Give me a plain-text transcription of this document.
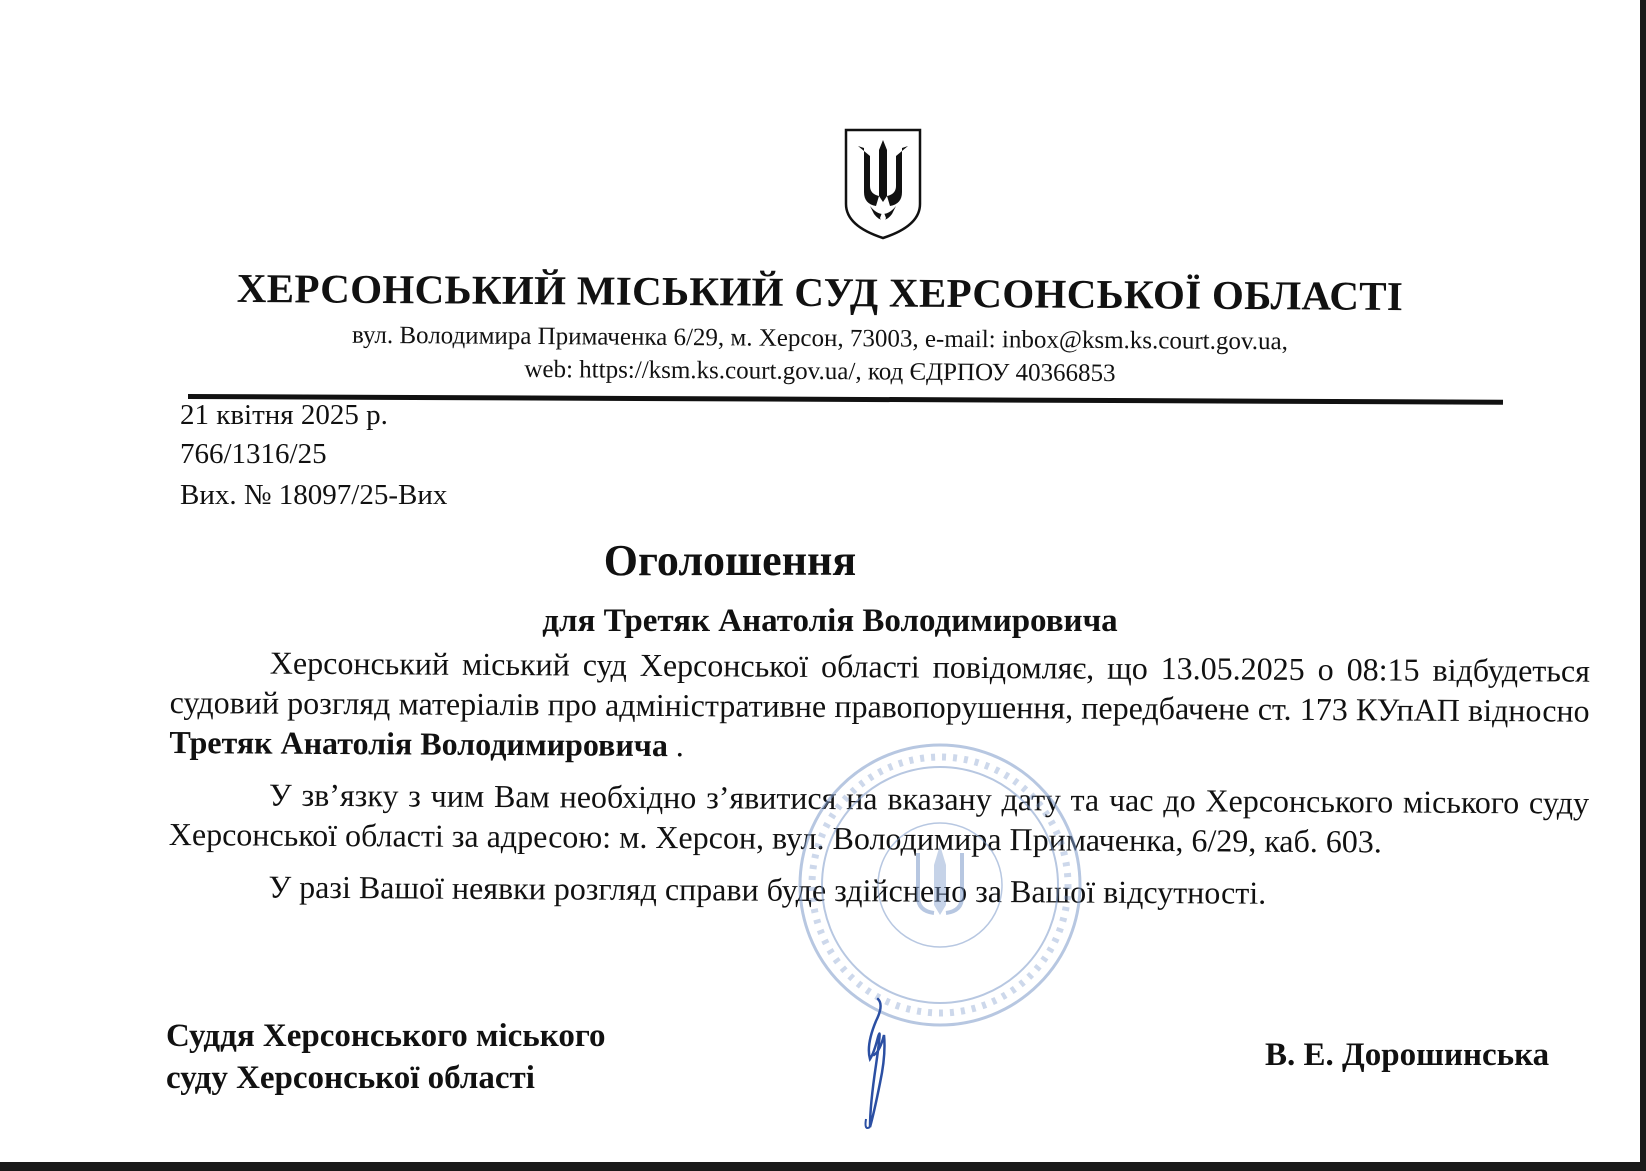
ХЕРСОНСЬКИЙ МІСЬКИЙ СУД ХЕРСОНСЬКОЇ ОБЛАСТІ
вул. Володимира Примаченка 6/29, м. Херсон, 73003, e-mail: inbox@ksm.ks.court.gov.ua,
web: https://ksm.ks.court.gov.ua/, код ЄДРПОУ 40366853
21 квітня 2025 р.
766/1316/25
Вих. № 18097/25-Вих
Оголошення
для Третяк Анатолія Володимировича

Херсонський міський суд Херсонської області повідомляє, що 13.05.2025 о 08:15 відбудеться судовий розгляд матеріалів про адміністративне правопорушення, передбачене ст. 173 КУпАП відносно Третяк Анатолія Володимировича .

У зв’язку з чим Вам необхідно з’явитися на вказану дату та час до Херсонського міського суду Херсонської області за адресою: м. Херсон, вул. Володимира Примаченка, 6/29, каб. 603.

У разі Вашої неявки розгляд справи буде здійснено за Вашої відсутності.

Суддя Херсонського міського
суду Херсонської області
В. Е. Дорошинська
